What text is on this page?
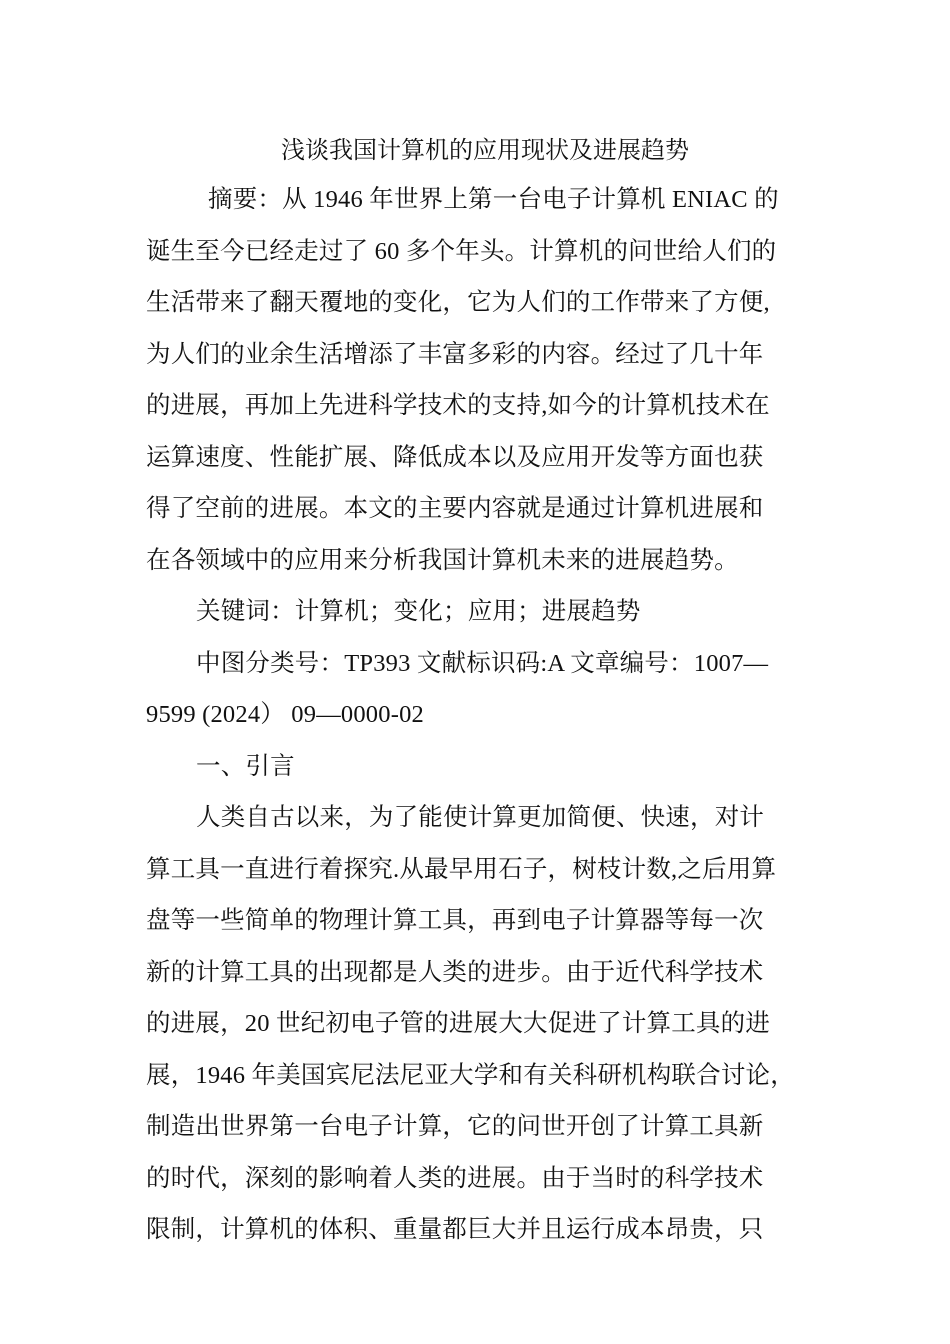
浅谈我国计算机的应用现状及进展趋势
摘要：从 1946 年世界上第一台电子计算机 ENIAC 的
诞生至今已经走过了 60 多个年头。计算机的问世给人们的
生活带来了翻天覆地的变化，它为人们的工作带来了方便,
为人们的业余生活增添了丰富多彩的内容。经过了几十年
的进展，再加上先进科学技术的支持,如今的计算机技术在
运算速度、性能扩展、降低成本以及应用开发等方面也获
得了空前的进展。本文的主要内容就是通过计算机进展和
在各领域中的应用来分析我国计算机未来的进展趋势。
关键词：计算机；变化；应用；进展趋势
中图分类号：TP393 文献标识码:A 文章编号：1007—
9599 (2024） 09—0000-02
一、引言
人类自古以来，为了能使计算更加简便、快速，对计
算工具一直进行着探究.从最早用石子，树枝计数,之后用算
盘等一些简单的物理计算工具，再到电子计算器等每一次
新的计算工具的出现都是人类的进步。由于近代科学技术
的进展，20 世纪初电子管的进展大大促进了计算工具的进
展，1946 年美国宾尼法尼亚大学和有关科研机构联合讨论，
制造出世界第一台电子计算，它的问世开创了计算工具新
的时代，深刻的影响着人类的进展。由于当时的科学技术
限制，计算机的体积、重量都巨大并且运行成本昂贵，只
